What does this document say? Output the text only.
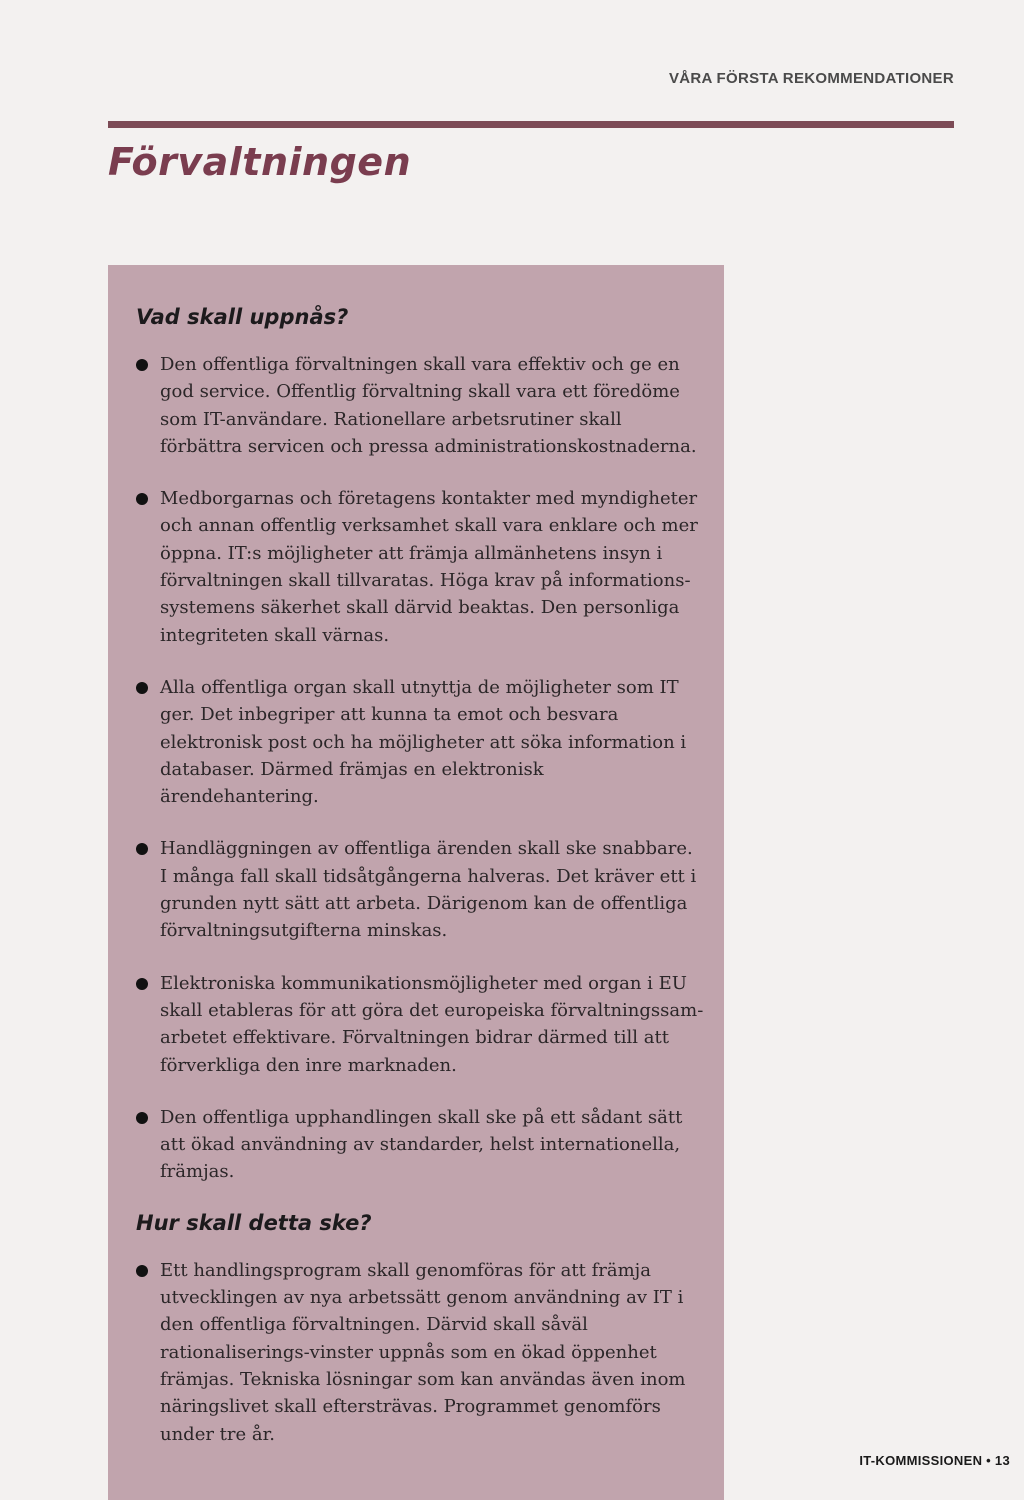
VÅRA FÖRSTA REKOMMENDATIONER
Förvaltningen
Vad skall uppnås?
Den offentliga förvaltningen skall vara effektiv och ge en god service. Offentlig förvaltning skall vara ett föredöme som IT-användare. Rationellare arbetsrutiner skall förbättra servicen och pressa administrationskostnaderna.
Medborgarnas och företagens kontakter med myndigheter och annan offentlig verksamhet skall vara enklare och mer öppna. IT:s möjligheter att främja allmänhetens insyn i förvaltningen skall tillvaratas. Höga krav på informations-systemens säkerhet skall därvid beaktas. Den personliga integriteten skall värnas.
Alla offentliga organ skall utnyttja de möjligheter som IT ger. Det inbegriper att kunna ta emot och besvara elektronisk post och ha möjligheter att söka information i databaser. Därmed främjas en elektronisk ärendehantering.
Handläggningen av offentliga ärenden skall ske snabbare. I många fall skall tidsåtgångerna halveras. Det kräver ett i grunden nytt sätt att arbeta. Därigenom kan de offentliga förvaltningsutgifterna minskas.
Elektroniska kommunikationsmöjligheter med organ i EU skall etableras för att göra det europeiska förvaltningssam-arbetet effektivare. Förvaltningen bidrar därmed till att förverkliga den inre marknaden.
Den offentliga upphandlingen skall ske på ett sådant sätt att ökad användning av standarder, helst internationella, främjas.
Hur skall detta ske?
Ett handlingsprogram skall genomföras för att främja utvecklingen av nya arbetssätt genom användning av IT i den offentliga förvaltningen. Därvid skall såväl rationaliserings-vinster uppnås som en ökad öppenhet främjas. Tekniska lösningar som kan användas även inom näringslivet skall eftersträvas. Programmet genomförs under tre år.
IT-KOMMISSIONEN • 13
